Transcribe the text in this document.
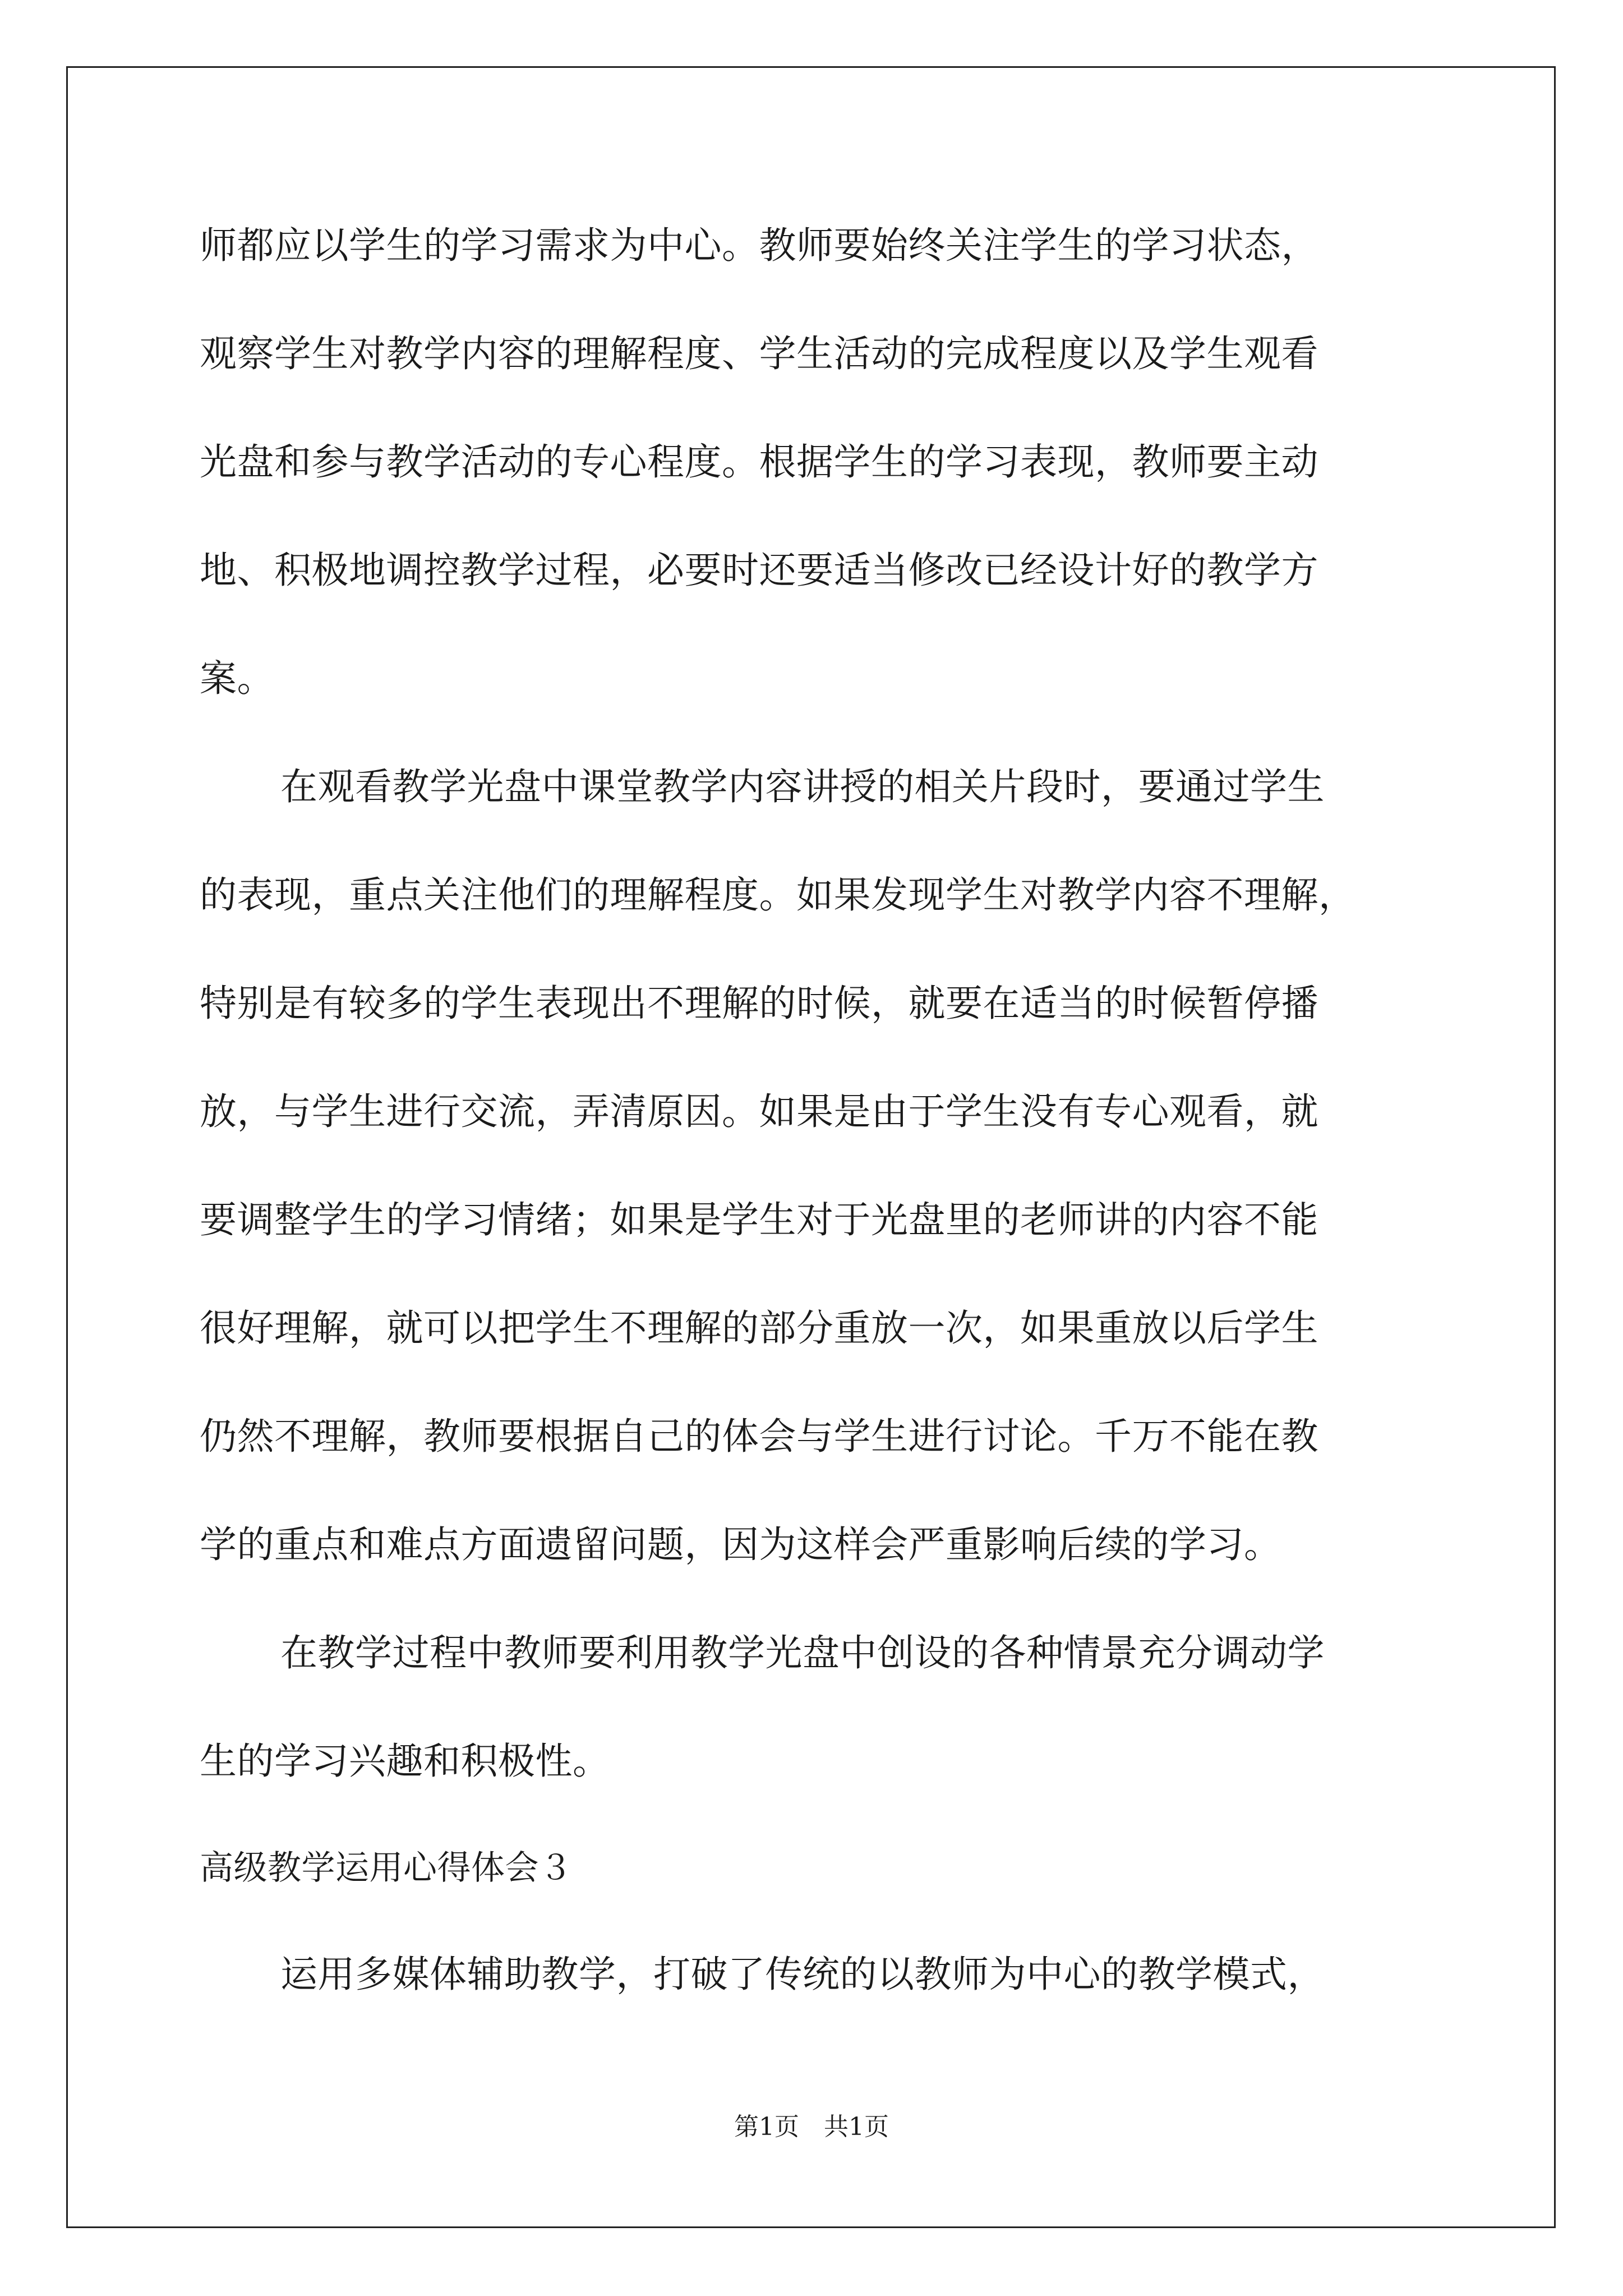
师都应以学生的学习需求为中心。教师要始终关注学生的学习状态，
观察学生对教学内容的理解程度、学生活动的完成程度以及学生观看
光盘和参与教学活动的专心程度。根据学生的学习表现，教师要主动
地、积极地调控教学过程，必要时还要适当修改已经设计好的教学方
案。
在观看教学光盘中课堂教学内容讲授的相关片段时，要通过学生
的表现，重点关注他们的理解程度。如果发现学生对教学内容不理解，
特别是有较多的学生表现出不理解的时候，就要在适当的时候暂停播
放，与学生进行交流，弄清原因。如果是由于学生没有专心观看，就
要调整学生的学习情绪；如果是学生对于光盘里的老师讲的内容不能
很好理解，就可以把学生不理解的部分重放一次，如果重放以后学生
仍然不理解，教师要根据自己的体会与学生进行讨论。千万不能在教
学的重点和难点方面遗留问题，因为这样会严重影响后续的学习。
在教学过程中教师要利用教学光盘中创设的各种情景充分调动学
生的学习兴趣和积极性。
高级教学运用心得体会３
运用多媒体辅助教学，打破了传统的以教师为中心的教学模式，
第1页　共1页
